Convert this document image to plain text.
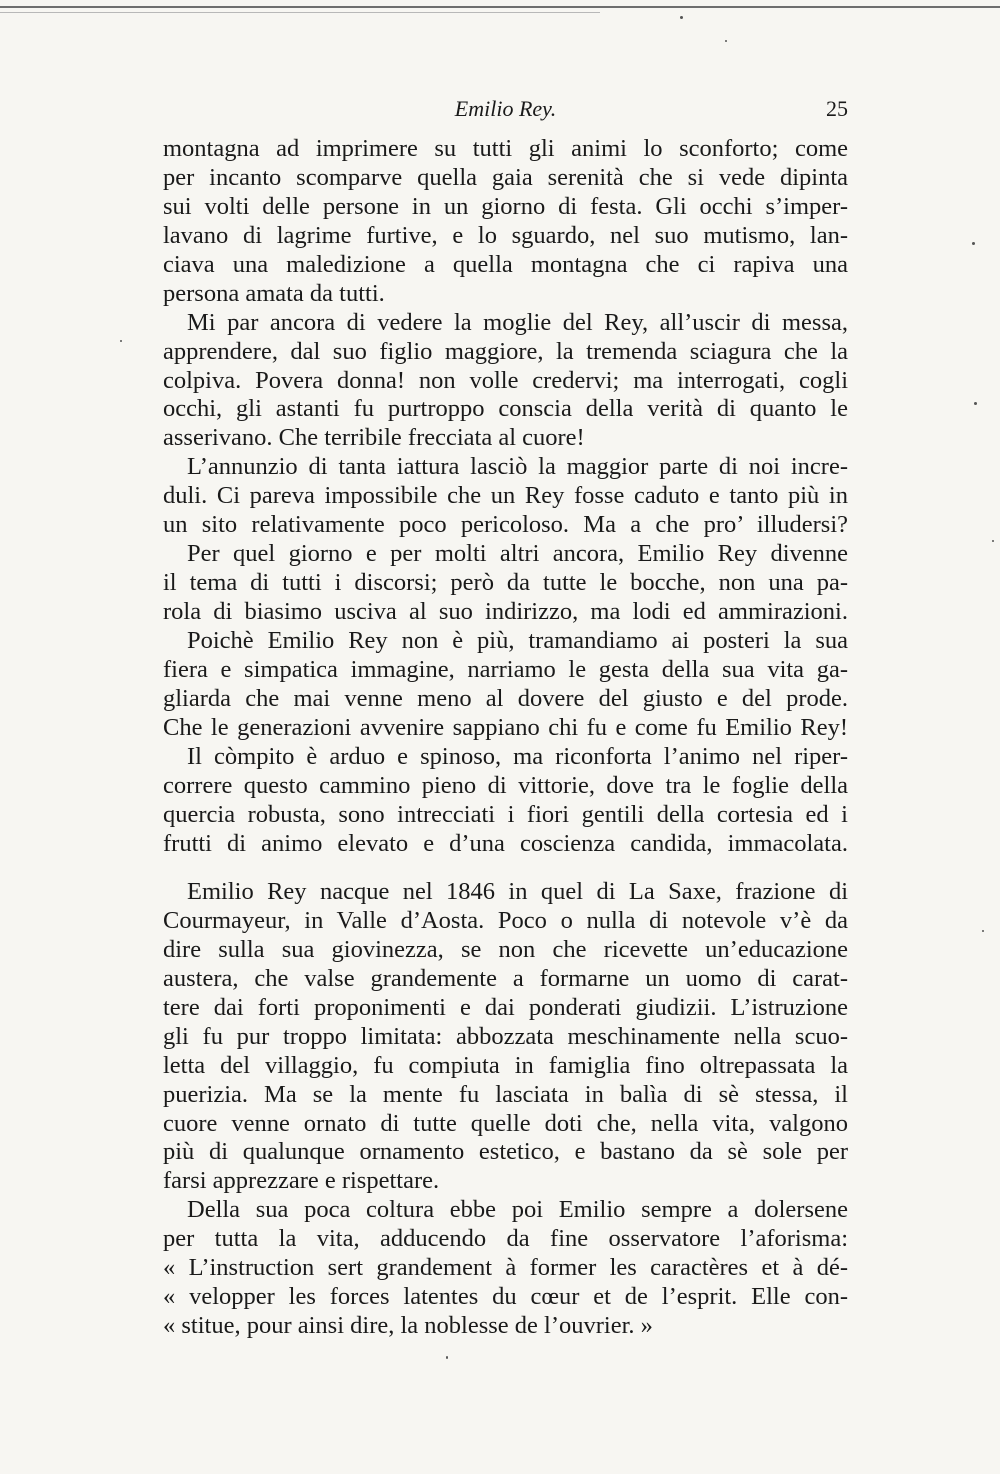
Emilio Rey.	25
montagna ad imprimere su tutti gli animi lo sconforto; come
per incanto scomparve quella gaia serenità che si vede dipinta
sui volti delle persone in un giorno di festa. Gli occhi s’imper-
lavano di lagrime furtive, e lo sguardo, nel suo mutismo, lan-
ciava una maledizione a quella montagna che ci rapiva una
persona amata da tutti.
Mi par ancora di vedere la moglie del Rey, all’uscir di messa,
apprendere, dal suo figlio maggiore, la tremenda sciagura che la
colpiva. Povera donna! non volle credervi; ma interrogati, cogli
occhi, gli astanti fu purtroppo conscia della verità di quanto le
asserivano. Che terribile frecciata al cuore!
L’annunzio di tanta iattura lasciò la maggior parte di noi incre-
duli. Ci pareva impossibile che un Rey fosse caduto e tanto più in
un sito relativamente poco pericoloso. Ma a che pro’ illudersi?
Per quel giorno e per molti altri ancora, Emilio Rey divenne
il tema di tutti i discorsi; però da tutte le bocche, non una pa-
rola di biasimo usciva al suo indirizzo, ma lodi ed ammirazioni.
Poichè Emilio Rey non è più, tramandiamo ai posteri la sua
fiera e simpatica immagine, narriamo le gesta della sua vita ga-
gliarda che mai venne meno al dovere del giusto e del prode.
Che le generazioni avvenire sappiano chi fu e come fu Emilio Rey!
Il còmpito è arduo e spinoso, ma riconforta l’animo nel riper-
correre questo cammino pieno di vittorie, dove tra le foglie della
quercia robusta, sono intrecciati i fiori gentili della cortesia ed i
frutti di animo elevato e d’una coscienza candida, immacolata.
Emilio Rey nacque nel 1846 in quel di La Saxe, frazione di
Courmayeur, in Valle d’Aosta. Poco o nulla di notevole v’è da
dire sulla sua giovinezza, se non che ricevette un’educazione
austera, che valse grandemente a formarne un uomo di carat-
tere dai forti proponimenti e dai ponderati giudizii. L’istruzione
gli fu pur troppo limitata: abbozzata meschinamente nella scuo-
letta del villaggio, fu compiuta in famiglia fino oltrepassata la
puerizia. Ma se la mente fu lasciata in balìa di sè stessa, il
cuore venne ornato di tutte quelle doti che, nella vita, valgono
più di qualunque ornamento estetico, e bastano da sè sole per
farsi apprezzare e rispettare.
Della sua poca coltura ebbe poi Emilio sempre a dolersene
per tutta la vita, adducendo da fine osservatore l’aforisma:
« L’instruction sert grandement à former les caractères et à dé-
« velopper les forces latentes du cœur et de l’esprit. Elle con-
« stitue, pour ainsi dire, la noblesse de l’ouvrier. »
